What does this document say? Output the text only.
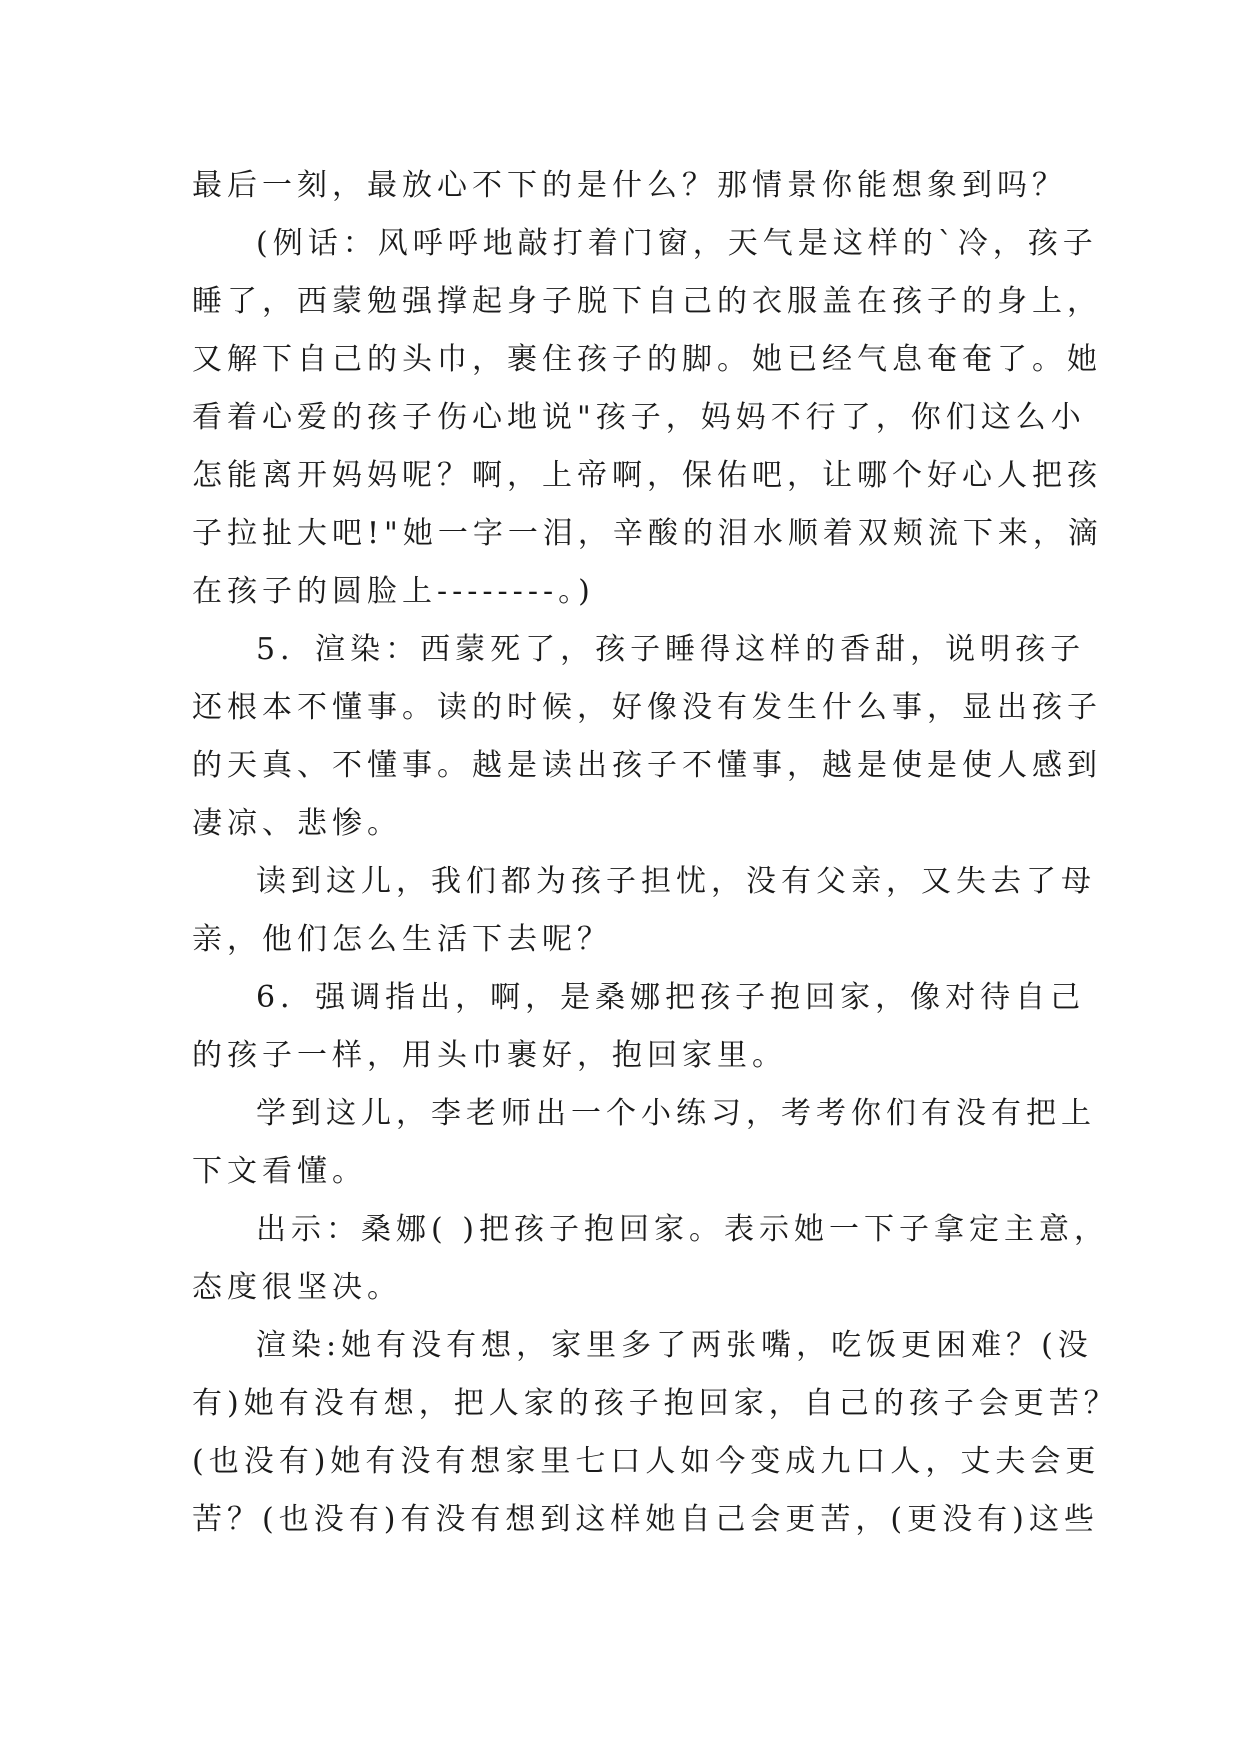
最后一刻，最放心不下的是什么？那情景你能想象到吗？

(例话：风呼呼地敲打着门窗，天气是这样的`冷，孩子

睡了，西蒙勉强撑起身子脱下自己的衣服盖在孩子的身上，

又解下自己的头巾，裹住孩子的脚。她已经气息奄奄了。她

看着心爱的孩子伤心地说"孩子，妈妈不行了，你们这么小

怎能离开妈妈呢？啊，上帝啊，保佑吧，让哪个好心人把孩

子拉扯大吧!"她一字一泪，辛酸的泪水顺着双颊流下来，滴

在孩子的圆脸上--------。)

5．渲染：西蒙死了，孩子睡得这样的香甜，说明孩子

还根本不懂事。读的时候，好像没有发生什么事，显出孩子

的天真、不懂事。越是读出孩子不懂事，越是使是使人感到

凄凉、悲惨。

读到这儿，我们都为孩子担忧，没有父亲，又失去了母

亲，他们怎么生活下去呢？

6．强调指出，啊，是桑娜把孩子抱回家，像对待自己

的孩子一样，用头巾裹好，抱回家里。

学到这儿，李老师出一个小练习，考考你们有没有把上

下文看懂。

出示：桑娜( )把孩子抱回家。表示她一下子拿定主意，

态度很坚决。

渲染:她有没有想，家里多了两张嘴，吃饭更困难？(没

有)她有没有想，把人家的孩子抱回家，自己的孩子会更苦？

(也没有)她有没有想家里七口人如今变成九口人，丈夫会更

苦？(也没有)有没有想到这样她自己会更苦，(更没有)这些
